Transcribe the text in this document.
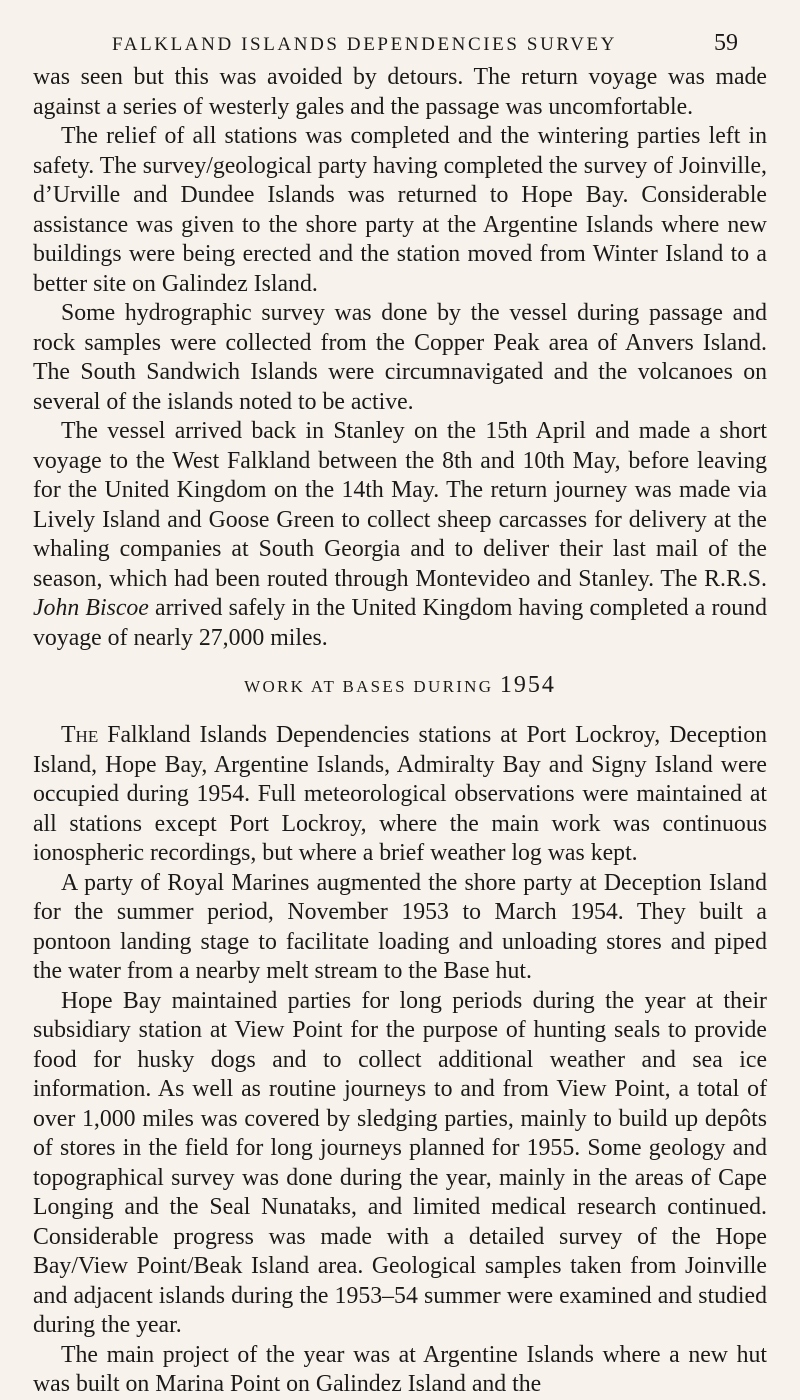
FALKLAND ISLANDS DEPENDENCIES SURVEY	59

was seen but this was avoided by detours. The return voyage was made against a series of westerly gales and the passage was uncomfortable.

The relief of all stations was completed and the wintering parties left in safety. The survey/geological party having completed the survey of Joinville, d’Urville and Dundee Islands was returned to Hope Bay. Considerable assistance was given to the shore party at the Argentine Islands where new buildings were being erected and the station moved from Winter Island to a better site on Galindez Island.

Some hydrographic survey was done by the vessel during passage and rock samples were collected from the Copper Peak area of Anvers Island. The South Sandwich Islands were circumnavigated and the volcanoes on several of the islands noted to be active.

The vessel arrived back in Stanley on the 15th April and made a short voyage to the West Falkland between the 8th and 10th May, before leaving for the United Kingdom on the 14th May. The return journey was made via Lively Island and Goose Green to collect sheep carcasses for delivery at the whaling companies at South Georgia and to deliver their last mail of the season, which had been routed through Montevideo and Stanley. The R.R.S. John Biscoe arrived safely in the United Kingdom having completed a round voyage of nearly 27,000 miles.

WORK AT BASES DURING 1954

The Falkland Islands Dependencies stations at Port Lockroy, Deception Island, Hope Bay, Argentine Islands, Admiralty Bay and Signy Island were occupied during 1954. Full meteorological observations were maintained at all stations except Port Lockroy, where the main work was continuous ionospheric recordings, but where a brief weather log was kept.

A party of Royal Marines augmented the shore party at Deception Island for the summer period, November 1953 to March 1954. They built a pontoon landing stage to facilitate loading and unloading stores and piped the water from a nearby melt stream to the Base hut.

Hope Bay maintained parties for long periods during the year at their subsidiary station at View Point for the purpose of hunting seals to provide food for husky dogs and to collect additional weather and sea ice information. As well as routine journeys to and from View Point, a total of over 1,000 miles was covered by sledging parties, mainly to build up depôts of stores in the field for long journeys planned for 1955. Some geology and topographical survey was done during the year, mainly in the areas of Cape Longing and the Seal Nunataks, and limited medical research continued. Considerable progress was made with a detailed survey of the Hope Bay/View Point/Beak Island area. Geological samples taken from Joinville and adjacent islands during the 1953–54 summer were examined and studied during the year.

The main project of the year was at Argentine Islands where a new hut was built on Marina Point on Galindez Island and the
